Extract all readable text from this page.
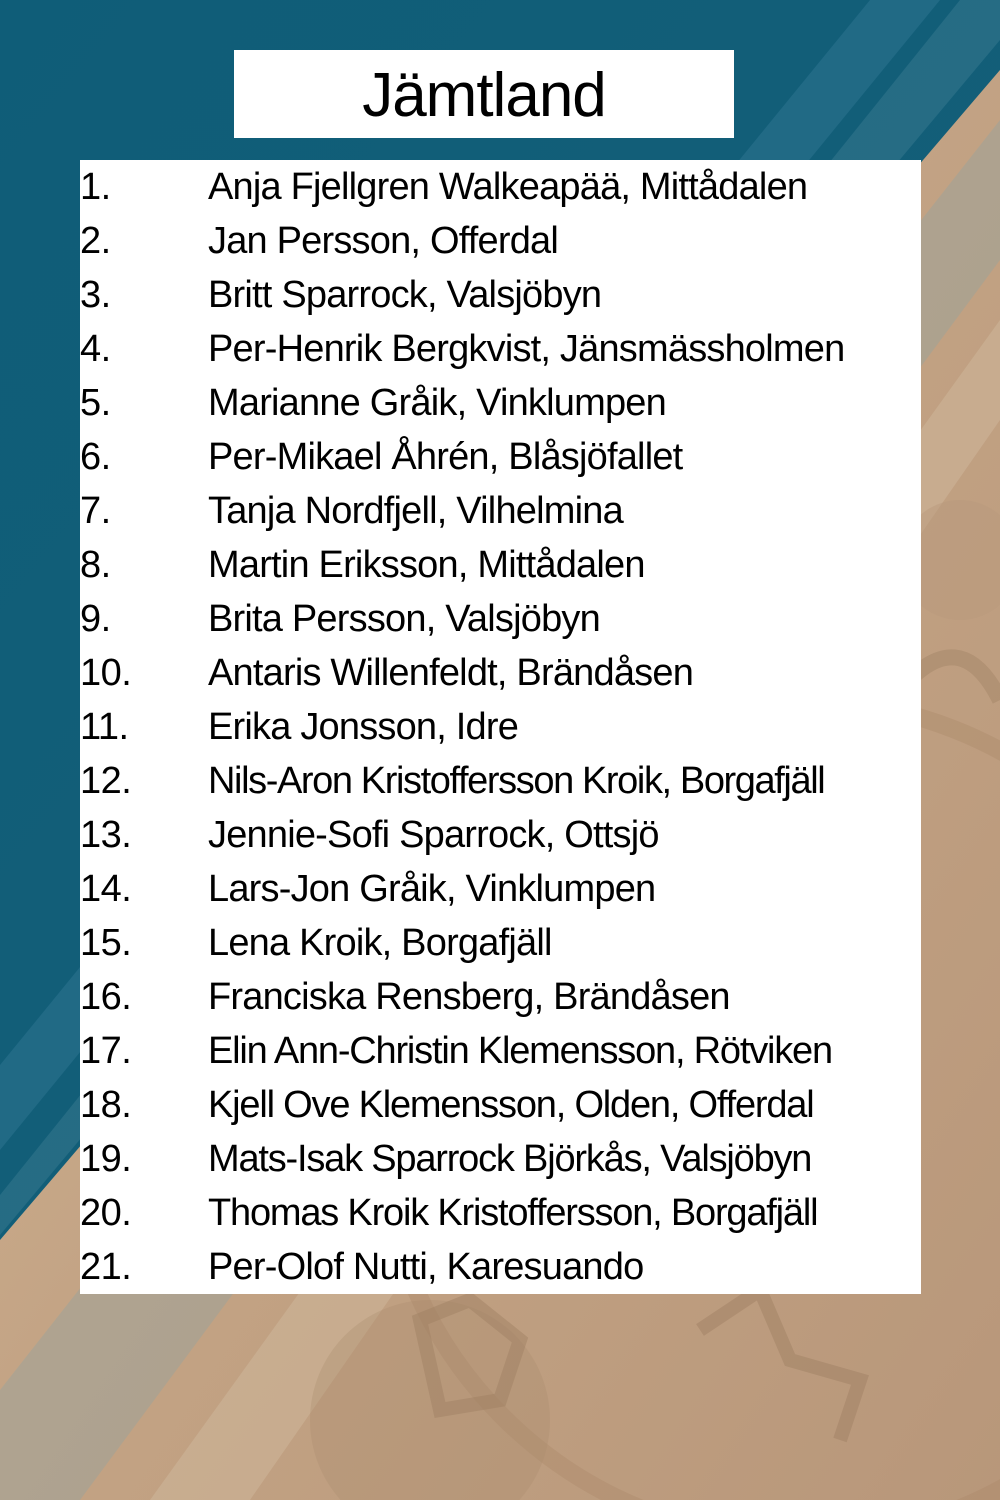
Jämtland
1.	Anja Fjellgren Walkeapää, Mittådalen
2.	Jan Persson, Offerdal
3.	Britt Sparrock, Valsjöbyn
4.	Per-Henrik Bergkvist, Jänsmässholmen
5.	Marianne Gråik, Vinklumpen
6.	Per-Mikael Åhrén, Blåsjöfallet
7.	Tanja Nordfjell, Vilhelmina
8.	Martin Eriksson, Mittådalen
9.	Brita Persson, Valsjöbyn
10. Antaris Willenfeldt, Brändåsen
11. Erika Jonsson, Idre
12. Nils-Aron Kristoffersson Kroik, Borgafjäll
13. Jennie-Sofi Sparrock, Ottsjö
14. Lars-Jon Gråik, Vinklumpen
15. Lena Kroik, Borgafjäll
16. Franciska Rensberg, Brändåsen
17. Elin Ann-Christin Klemensson, Rötviken
18. Kjell Ove Klemensson, Olden, Offerdal
19. Mats-Isak Sparrock Björkås, Valsjöbyn
20. Thomas Kroik Kristoffersson, Borgafjäll
21. Per-Olof Nutti, Karesuando
